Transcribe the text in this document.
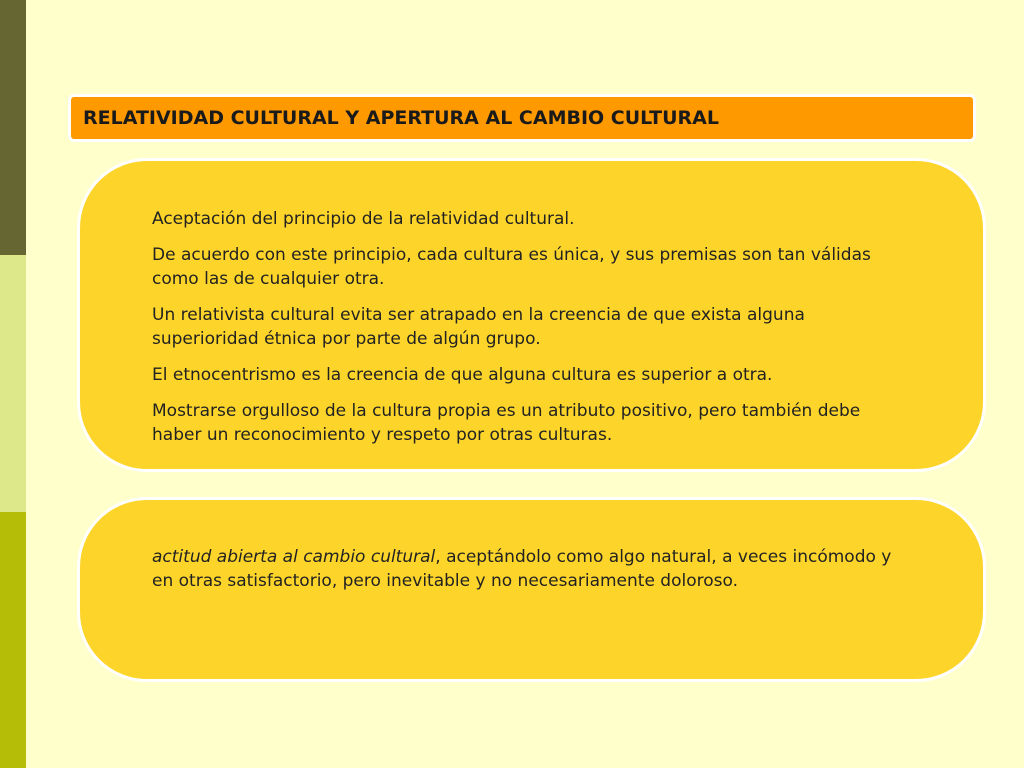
RELATIVIDAD CULTURAL Y APERTURA AL CAMBIO CULTURAL

Aceptación del principio de la relatividad cultural.

De acuerdo con este principio, cada cultura es única, y sus premisas son tan válidas como las de cualquier otra.

Un relativista cultural evita ser atrapado en la creencia de que exista alguna superioridad étnica por parte de algún grupo.

El etnocentrismo es la creencia de que alguna cultura es superior a otra.

Mostrarse orgulloso de la cultura propia es un atributo positivo, pero también debe haber un reconocimiento y respeto por otras culturas.

actitud abierta al cambio cultural, aceptándolo como algo natural, a veces incómodo y en otras satisfactorio, pero inevitable y no necesariamente doloroso.
